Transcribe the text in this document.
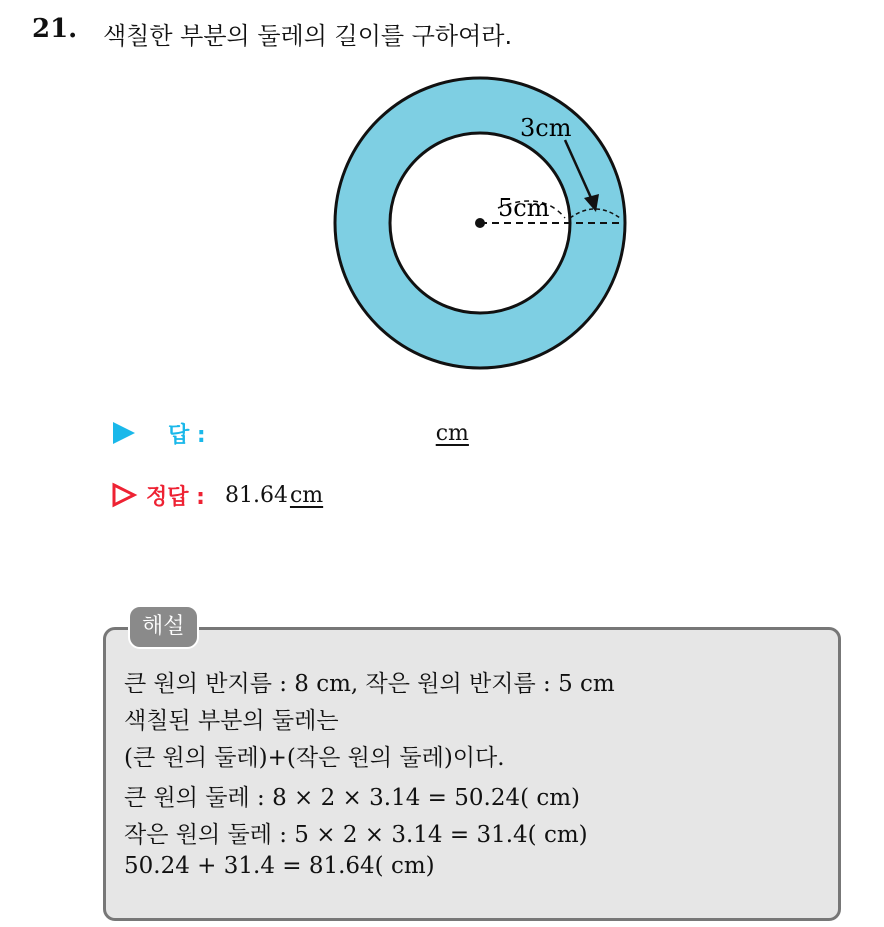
21. 색칠한 부분의 둘레의 길이를 구하여라.
3cm
5cm
답 :	cm
정답 : 81.64 cm
해설
큰 원의 반지름 : 8 cm, 작은 원의 반지름 : 5 cm
색칠된 부분의 둘레는
(큰 원의 둘레)+(작은 원의 둘레)이다.
큰 원의 둘레 : 8 × 2 × 3.14 = 50.24( cm)
작은 원의 둘레 : 5 × 2 × 3.14 = 31.4( cm)
50.24 + 31.4 = 81.64( cm)
